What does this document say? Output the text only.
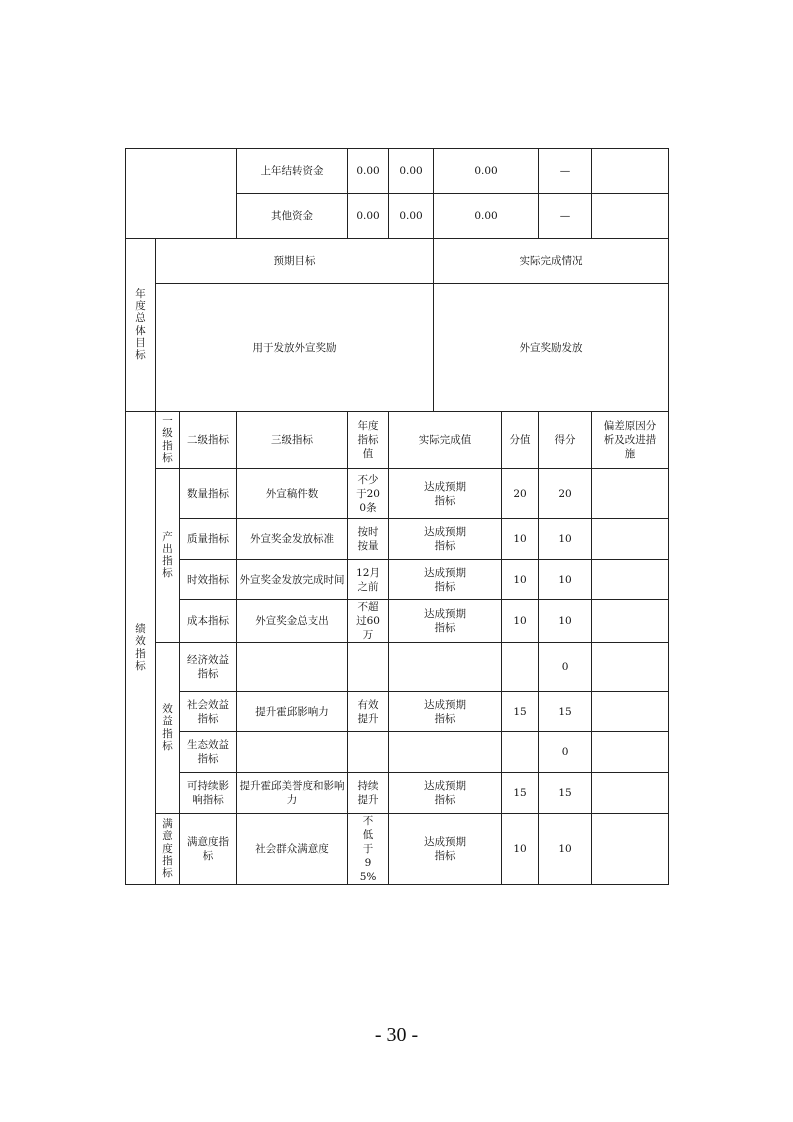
			上年结转资金	0.00	0.00	0.00		—		
			其他资金	0.00	0.00	0.00		—		
年度总体目标	预期目标					实际完成情况				
	用于发放外宣奖励					外宣奖励发放				
绩效指标	一级指标	二级指标	三级指标	年度指标值	实际完成值		分值	得分	偏差原因分析及改进措施	
	产出指标	数量指标	外宣稿件数	不少于200条	达成预期指标		20	20		
		质量指标	外宣奖金发放标准	按时按量	达成预期指标		10	10		
		时效指标	外宣奖金发放完成时间	12月之前	达成预期指标		10	10		
		成本指标	外宣奖金总支出	不超过60万	达成预期指标		10	10		
	效益指标	经济效益指标						0		
		社会效益指标	提升霍邱影响力	有效提升	达成预期指标		15	15		
		生态效益指标						0		
		可持续影响指标	提升霍邱美誉度和影响力	持续提升	达成预期指标		15	15		
	满意度指标	满意度指标	社会群众满意度	不低于95%	达成预期指标		10	10		
- 30 -
